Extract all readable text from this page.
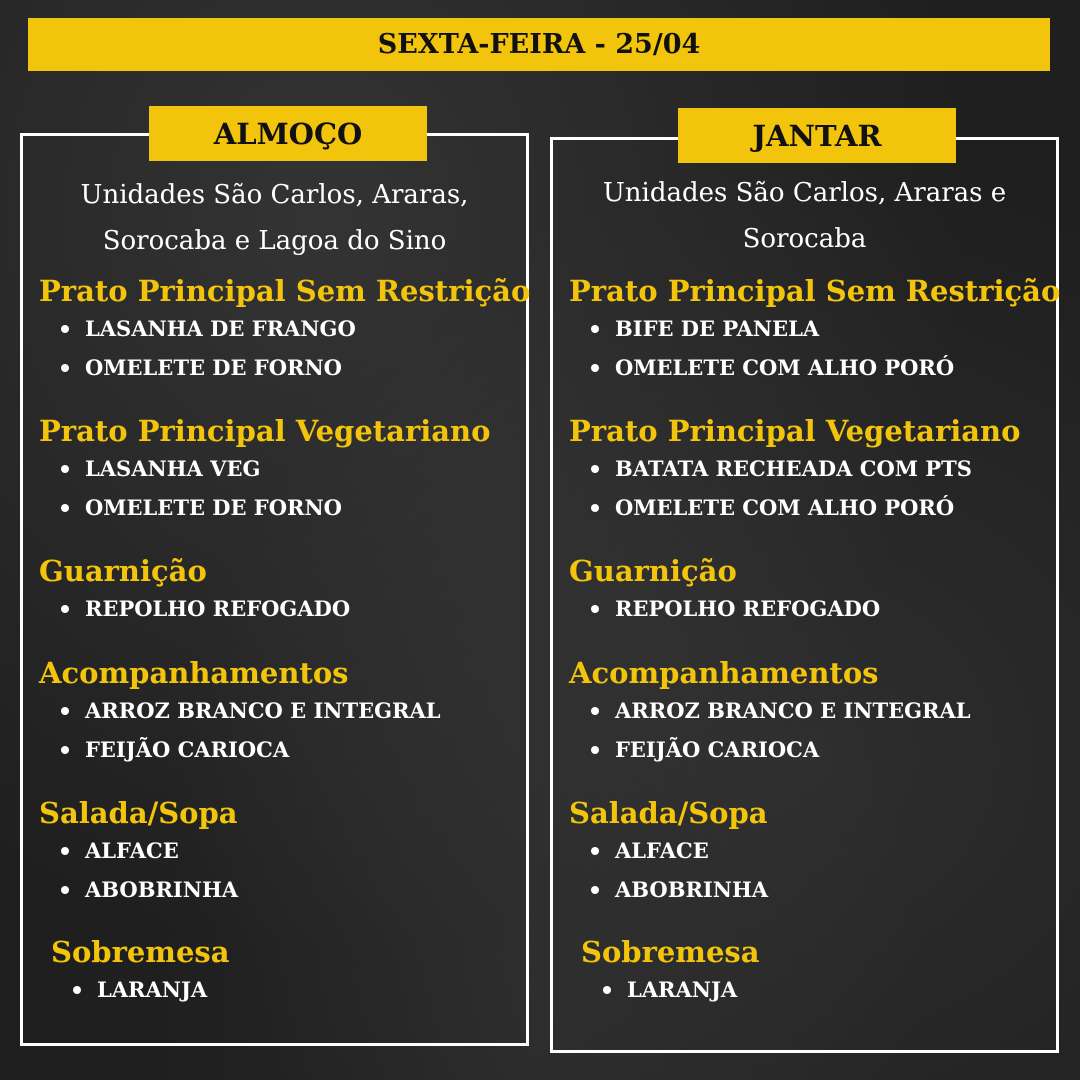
SEXTA-FEIRA - 25/04
ALMOÇO
Unidades São Carlos, Araras,
Sorocaba e Lagoa do Sino
Prato Principal Sem Restrição
LASANHA DE FRANGO
OMELETE DE FORNO
Prato Principal Vegetariano
LASANHA VEG
OMELETE DE FORNO
Guarnição
REPOLHO REFOGADO
Acompanhamentos
ARROZ BRANCO E INTEGRAL
FEIJÃO CARIOCA
Salada/Sopa
ALFACE
ABOBRINHA
Sobremesa
LARANJA
JANTAR
Unidades São Carlos, Araras e
Sorocaba
Prato Principal Sem Restrição
BIFE DE PANELA
OMELETE COM ALHO PORÓ
Prato Principal Vegetariano
BATATA RECHEADA COM PTS
OMELETE COM ALHO PORÓ
Guarnição
REPOLHO REFOGADO
Acompanhamentos
ARROZ BRANCO E INTEGRAL
FEIJÃO CARIOCA
Salada/Sopa
ALFACE
ABOBRINHA
Sobremesa
LARANJA
